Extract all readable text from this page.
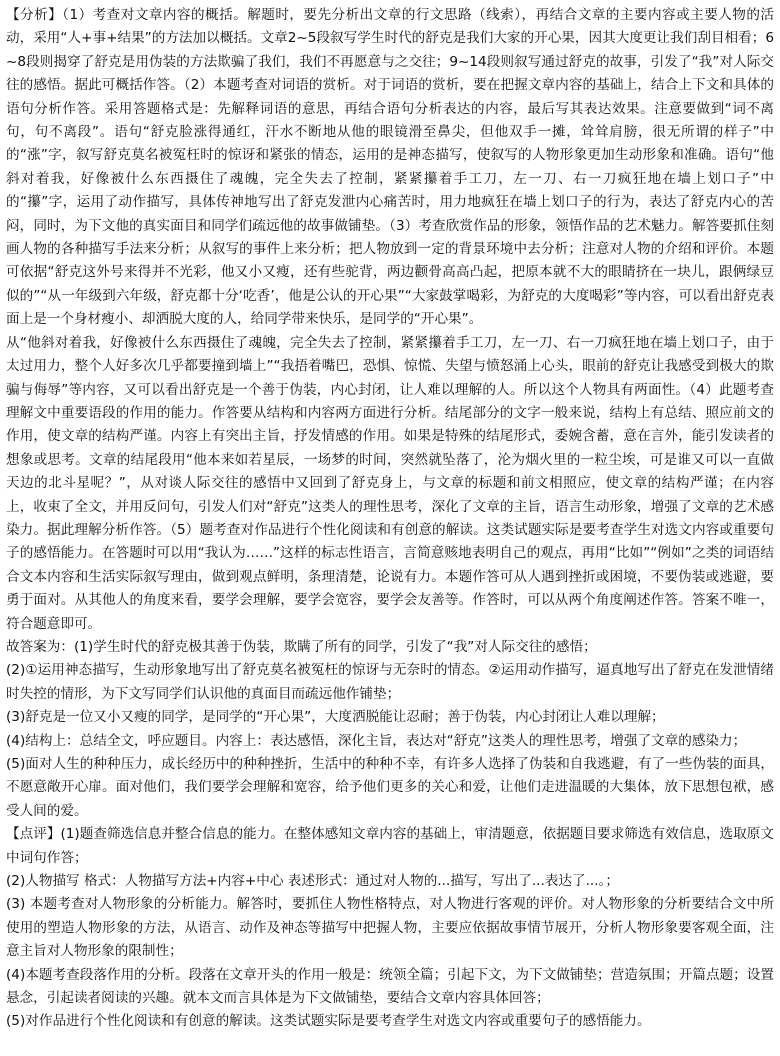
【分析】（1）考查对文章内容的概括。解题时，要先分析出文章的行文思路（线索），再结合文章的主要内容或主要人物的活动，采用“人+事+结果”的方法加以概括。文章2~5段叙写学生时代的舒克是我们大家的开心果，因其大度更让我们刮目相看；6~8段则揭穿了舒克是用伪装的方法欺骗了我们，我们不再愿意与之交往；9~14段则叙写通过舒克的故事，引发了“我”对人际交往的感悟。据此可概括作答。（2）本题考查对词语的赏析。对于词语的赏析，要在把握文章内容的基础上，结合上下文和具体的语句分析作答。采用答题格式是：先解释词语的意思，再结合语句分析表达的内容，最后写其表达效果。注意要做到“词不离句，句不离段”。语句“舒克脸涨得通红，汗水不断地从他的眼镜滑至鼻尖，但他双手一摊，耸耸肩膀，很无所谓的样子”中的“涨”字，叙写舒克莫名被冤枉时的惊讶和紧张的情态，运用的是神态描写，使叙写的人物形象更加生动形象和准确。语句“他斜对着我，好像被什么东西摄住了魂魄，完全失去了控制，紧紧攥着手工刀，左一刀、右一刀疯狂地在墙上划口子”中的“攥”字，运用了动作描写，具体传神地写出了舒克发泄内心痛苦时，用力地疯狂在墙上划口子的行为，表达了舒克内心的苦闷，同时，为下文他的真实面目和同学们疏远他的故事做铺垫。（3）考查欣赏作品的形象，领悟作品的艺术魅力。解答要抓住刻画人物的各种描写手法来分析；从叙写的事件上来分析；把人物放到一定的背景环境中去分析；注意对人物的介绍和评价。本题可依据“舒克这外号来得并不光彩，他又小又瘦，还有些驼背，两边颧骨高高凸起，把原本就不大的眼睛挤在一块儿，跟俩绿豆似的”“从一年级到六年级，舒克都十分‘吃香’，他是公认的开心果”“大家鼓掌喝彩，为舒克的大度喝彩”等内容，可以看出舒克表面上是一个身材瘦小、却洒脱大度的人，给同学带来快乐，是同学的“开心果”。

从“他斜对着我，好像被什么东西摄住了魂魄，完全失去了控制，紧紧攥着手工刀，左一刀、右一刀疯狂地在墙上划口子，由于太过用力，整个人好多次几乎都要撞到墙上”“我捂着嘴巴，恐惧、惊慌、失望与愤怒涌上心头，眼前的舒克让我感受到极大的欺骗与侮辱”等内容，又可以看出舒克是一个善于伪装，内心封闭，让人难以理解的人。所以这个人物具有两面性。（4）此题考查理解文中重要语段的作用的能力。作答要从结构和内容两方面进行分析。结尾部分的文字一般来说，结构上有总结、照应前文的作用，使文章的结构严谨。内容上有突出主旨，抒发情感的作用。如果是特殊的结尾形式，委婉含蓄，意在言外，能引发读者的想象或思考。文章的结尾段用“他本来如若星辰，一场梦的时间，突然就坠落了，沦为烟火里的一粒尘埃，可是谁又可以一直做天边的北斗星呢？”，从对谈人际交往的感悟中又回到了舒克身上，与文章的标题和前文相照应，使文章的结构严谨；在内容上，收束了全文，并用反问句，引发人们对“舒克”这类人的理性思考，深化了文章的主旨，语言生动形象，增强了文章的艺术感染力。据此理解分析作答。（5）题考查对作品进行个性化阅读和有创意的解读。这类试题实际是要考查学生对选文内容或重要句子的感悟能力。在答题时可以用“我认为……”这样的标志性语言，言简意赅地表明自己的观点，再用“比如”“例如”之类的词语结合文本内容和生活实际叙写理由，做到观点鲜明，条理清楚，论说有力。本题作答可从人遇到挫折或困境，不要伪装或逃避，要勇于面对。从其他人的角度来看，要学会理解，要学会宽容，要学会友善等。作答时，可以从两个角度阐述作答。答案不唯一，符合题意即可。

故答案为：(1)学生时代的舒克极其善于伪装，欺瞒了所有的同学，引发了“我”对人际交往的感悟；

(2)①运用神态描写，生动形象地写出了舒克莫名被冤枉的惊讶与无奈时的情态。②运用动作描写，逼真地写出了舒克在发泄情绪时失控的情形，为下文写同学们认识他的真面目而疏远他作铺垫；

(3)舒克是一位又小又瘦的同学，是同学的“开心果”，大度洒脱能让忍耐；善于伪装，内心封闭让人难以理解；

(4)结构上：总结全文，呼应题目。内容上：表达感悟，深化主旨，表达对“舒克”这类人的理性思考，增强了文章的感染力；

(5)面对人生的种种压力，成长经历中的种种挫折，生活中的种种不幸，有许多人选择了伪装和自我逃避，有了一些伪装的面具，不愿意敞开心扉。面对他们，我们要学会理解和宽容，给予他们更多的关心和爱，让他们走进温暖的大集体，放下思想包袱，感受人间的爱。

【点评】(1)题查筛选信息并整合信息的能力。在整体感知文章内容的基础上，审清题意，依据题目要求筛选有效信息，选取原文中词句作答；

(2)人物描写 格式：人物描写方法+内容+中心 表述形式：通过对人物的...描写，写出了...表达了...。；

(3) 本题考查对人物形象的分析能力。解答时，要抓住人物性格特点，对人物进行客观的评价。对人物形象的分析要结合文中所使用的塑造人物形象的方法，从语言、动作及神态等描写中把握人物，主要应依据故事情节展开，分析人物形象要客观全面，注意主旨对人物形象的限制性；

(4)本题考查段落作用的分析。段落在文章开头的作用一般是：统领全篇；引起下文，为下文做铺垫；营造氛围；开篇点题；设置悬念，引起读者阅读的兴趣。就本文而言具体是为下文做铺垫，要结合文章内容具体回答；

(5)对作品进行个性化阅读和有创意的解读。这类试题实际是要考查学生对选文内容或重要句子的感悟能力。
